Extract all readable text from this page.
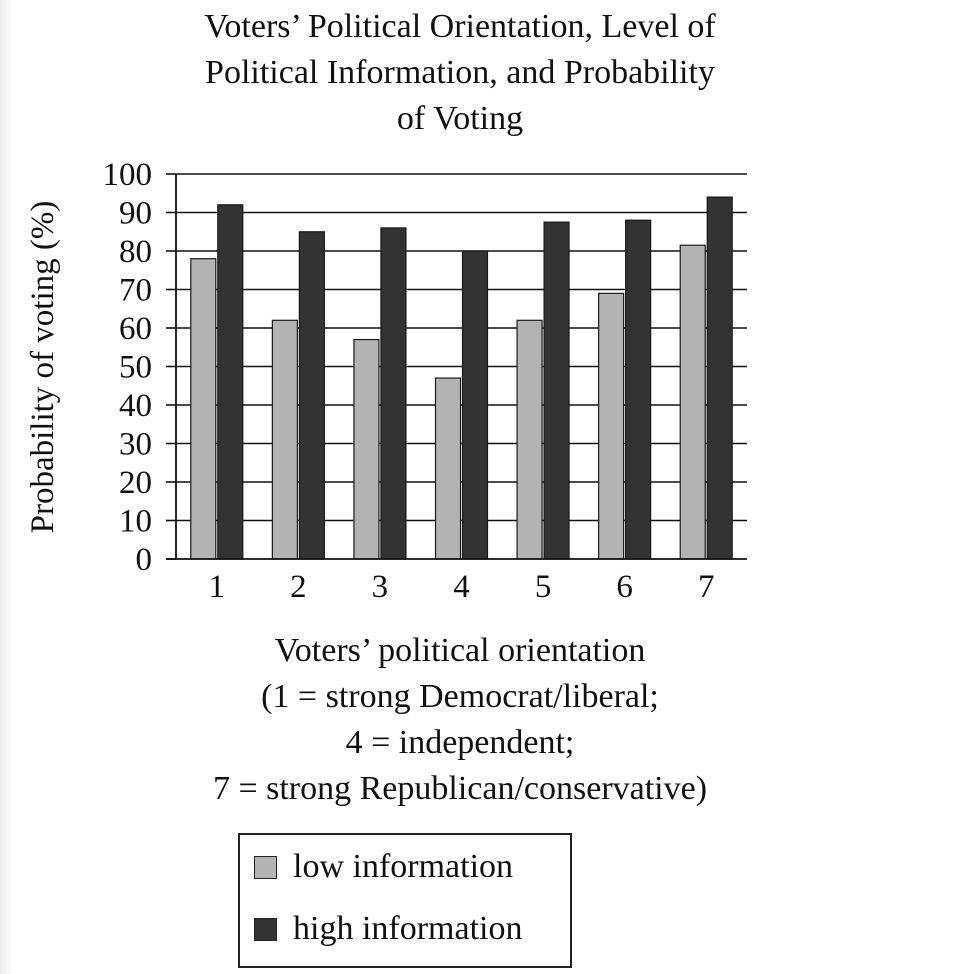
Voters’ Political Orientation, Level of
Political Information, and Probability
of Voting
0
10
20
30
40
50
60
70
80
90
100
1 2 3 4 5 6 7
Probability of voting (%)
Voters’ political orientation
(1 = strong Democrat/liberal;
4 = independent;
7 = strong Republican/conservative)
low information
high information
